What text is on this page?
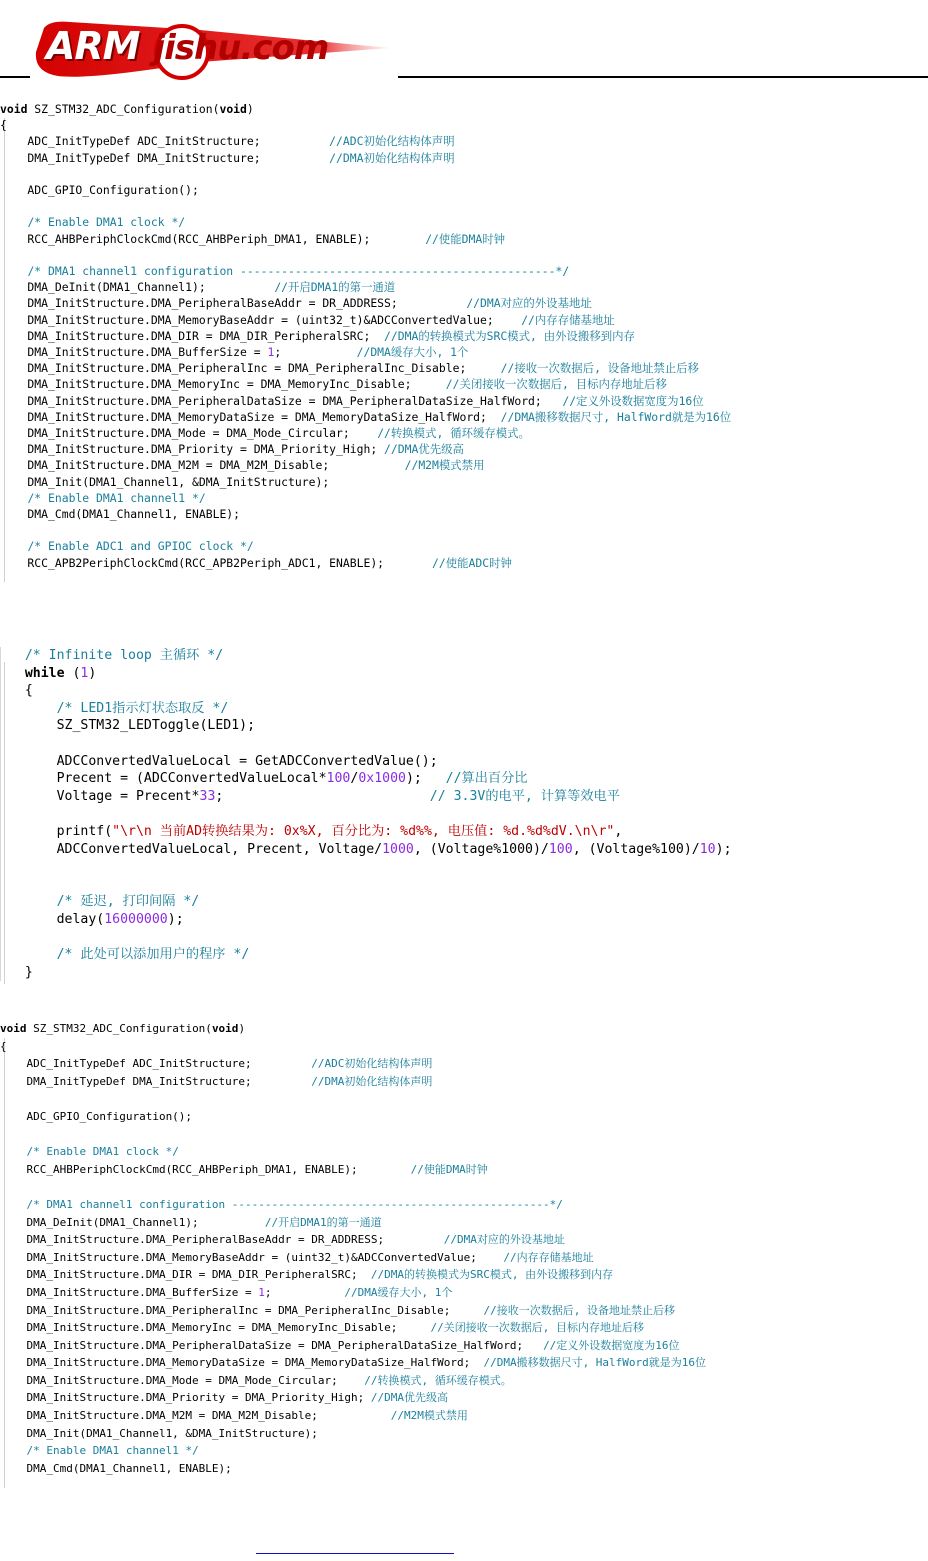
ARM jishu.com
void SZ_STM32_ADC_Configuration(void)
{
ADC_InitTypeDef ADC_InitStructure;          //ADC初始化结构体声明
DMA_InitTypeDef DMA_InitStructure;          //DMA初始化结构体声明

ADC_GPIO_Configuration();

/* Enable DMA1 clock */
RCC_AHBPeriphClockCmd(RCC_AHBPeriph_DMA1, ENABLE);        //使能DMA时钟

/* DMA1 channel1 configuration ----------------------------------------------*/
DMA_DeInit(DMA1_Channel1);          //开启DMA1的第一通道
DMA_InitStructure.DMA_PeripheralBaseAddr = DR_ADDRESS;          //DMA对应的外设基地址
DMA_InitStructure.DMA_MemoryBaseAddr = (uint32_t)&ADCConvertedValue;    //内存存储基地址
DMA_InitStructure.DMA_DIR = DMA_DIR_PeripheralSRC;  //DMA的转换模式为SRC模式, 由外设搬移到内存
DMA_InitStructure.DMA_BufferSize = 1;           //DMA缓存大小, 1个
DMA_InitStructure.DMA_PeripheralInc = DMA_PeripheralInc_Disable;     //接收一次数据后, 设备地址禁止后移
DMA_InitStructure.DMA_MemoryInc = DMA_MemoryInc_Disable;     //关闭接收一次数据后, 目标内存地址后移
DMA_InitStructure.DMA_PeripheralDataSize = DMA_PeripheralDataSize_HalfWord;   //定义外设数据宽度为16位
DMA_InitStructure.DMA_MemoryDataSize = DMA_MemoryDataSize_HalfWord;  //DMA搬移数据尺寸, HalfWord就是为16位
DMA_InitStructure.DMA_Mode = DMA_Mode_Circular;    //转换模式, 循环缓存模式。
DMA_InitStructure.DMA_Priority = DMA_Priority_High; //DMA优先级高
DMA_InitStructure.DMA_M2M = DMA_M2M_Disable;           //M2M模式禁用
DMA_Init(DMA1_Channel1, &DMA_InitStructure);
/* Enable DMA1 channel1 */
DMA_Cmd(DMA1_Channel1, ENABLE);

/* Enable ADC1 and GPIOC clock */
RCC_APB2PeriphClockCmd(RCC_APB2Periph_ADC1, ENABLE);       //使能ADC时钟
/* Infinite loop 主循环 */
while (1)
{
/* LED1指示灯状态取反 */
SZ_STM32_LEDToggle(LED1);

ADCConvertedValueLocal = GetADCConvertedValue();
Precent = (ADCConvertedValueLocal*100/0x1000);   //算出百分比
Voltage = Precent*33;                          // 3.3V的电平, 计算等效电平

printf("\r\n 当前AD转换结果为: 0x%X, 百分比为: %d%%, 电压值: %d.%d%dV.\n\r",
ADCConvertedValueLocal, Precent, Voltage/1000, (Voltage%1000)/100, (Voltage%100)/10);

/* 延迟, 打印间隔 */
delay(16000000);

/* 此处可以添加用户的程序 */
}
void SZ_STM32_ADC_Configuration(void)
{
ADC_InitTypeDef ADC_InitStructure;         //ADC初始化结构体声明
DMA_InitTypeDef DMA_InitStructure;         //DMA初始化结构体声明

ADC_GPIO_Configuration();

/* Enable DMA1 clock */
RCC_AHBPeriphClockCmd(RCC_AHBPeriph_DMA1, ENABLE);        //使能DMA时钟

/* DMA1 channel1 configuration ------------------------------------------------*/
DMA_DeInit(DMA1_Channel1);          //开启DMA1的第一通道
DMA_InitStructure.DMA_PeripheralBaseAddr = DR_ADDRESS;         //DMA对应的外设基地址
DMA_InitStructure.DMA_MemoryBaseAddr = (uint32_t)&ADCConvertedValue;    //内存存储基地址
DMA_InitStructure.DMA_DIR = DMA_DIR_PeripheralSRC;  //DMA的转换模式为SRC模式, 由外设搬移到内存
DMA_InitStructure.DMA_BufferSize = 1;           //DMA缓存大小, 1个
DMA_InitStructure.DMA_PeripheralInc = DMA_PeripheralInc_Disable;     //接收一次数据后, 设备地址禁止后移
DMA_InitStructure.DMA_MemoryInc = DMA_MemoryInc_Disable;     //关闭接收一次数据后, 目标内存地址后移
DMA_InitStructure.DMA_PeripheralDataSize = DMA_PeripheralDataSize_HalfWord;   //定义外设数据宽度为16位
DMA_InitStructure.DMA_MemoryDataSize = DMA_MemoryDataSize_HalfWord;  //DMA搬移数据尺寸, HalfWord就是为16位
DMA_InitStructure.DMA_Mode = DMA_Mode_Circular;    //转换模式, 循环缓存模式。
DMA_InitStructure.DMA_Priority = DMA_Priority_High; //DMA优先级高
DMA_InitStructure.DMA_M2M = DMA_M2M_Disable;           //M2M模式禁用
DMA_Init(DMA1_Channel1, &DMA_InitStructure);
/* Enable DMA1 channel1 */
DMA_Cmd(DMA1_Channel1, ENABLE);
